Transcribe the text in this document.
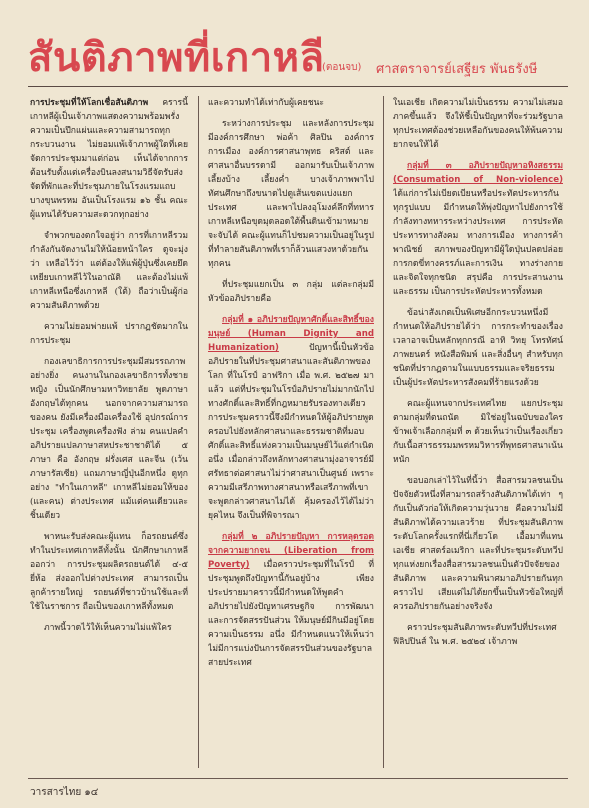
สันติภาพที่เกาหลี
(ตอนจบ) ศาสตราจารย์เสฐียร พันธรังษี

การประชุมที่ให้โลกเชื่อสันติภาพ ครารนี้ เกาหลีผู้เป็นเจ้าภาพแสดงความพร้อมพรั่ง ความเป็นปึกแผ่นและความสามารถทุกกระบวนงาน ไม่ยอมแพ้เจ้าภาพผู้ใดที่เคยจัดการประชุมมาแต่ก่อน เห็นได้จากการต้อนรับตั้งแต่เครื่องบินลงสนามวิธีจัดรับส่ง จัดที่พักและที่ประชุมภายในโรงแรมแถบบางขุนพรหม อันเป็นโรงแรม ๑๖ ชั้น คณะผู้แทนได้รับความสะดวกทุกอย่าง

จำพวกของตกใจอยู่ว่า การที่เกาหลีรวมกำลังกันจัดงานไม่ให้น้อยหน้าใคร ดูจะมุ่งว่า เหลือไว้ว่า แต่ต้องให้แพ้ผู้ปุ่นซึ่งเคยยึดเหยียบเกาหลีไว้ในอาณัติ และต้องไม่แพ้เกาหลีเหนือซึ่งเกาหลี (ใต้) ถือว่าเป็นผู้ก่อความสันติภาพด้วย

ความไม่ยอมพ่ายแพ้ ปรากฏชัดมากในการประชุม

กองเลขาธิการการประชุมมีสมรรถภาพอย่างยิ่ง คนงานในกองเลขาธิการทั้งชายหญิง เป็นนักศึกษามหาวิทยาลัย พูดภาษาอังกฤษได้ทุกคน นอกจากความสามารถของคน ยังมีเครื่องมือเครื่องใช้ อุปกรณ์การประชุม เครื่องพูดเครื่องฟัง ล่าม คนแปลคำอภิปรายแปลภาษาสหประชาชาติได้ ๕ ภาษา คือ อังกฤษ ฝรั่งเศส และจีน (เว้นภาษารัสเซีย) แถมภาษาญี่ปุ่นอีกหนึ่ง ดูทุกอย่าง "ทำในเกาหลี" เกาหลีไม่ยอมให้ของ (และคน) ต่างประเทศ แม้แต่คนเดียวและชิ้นเดียว

พาหนะรับส่งคณะผู้แทน ก็อรถยนต์ซึ่งทำในประเทศเกาหลีทั้งนั้น นักศึกษาเกาหลีออกว่า การประชุมผลิตรถยนต์ได้ ๔-๕ ยี่ห้อ ส่งออกไปต่างประเทศ สามารถเป็นลูกค้ารายใหญ่ รถยนต์ที่ชาวบ้านใช้และที่ใช้ในราชการ ถือเป็นของเกาหลีทั้งหมด

ภาพนี้วาดไว้ให้เห็นความไม่แพ้ใคร

และความทำได้เท่ากับผู้เคยชนะ

ระหว่างการประชุม และหลังการประชุม มีองค์การศึกษา พ่อค้า ศิลปิน องค์การการเมือง องค์การศาสนาพุทธ คริสต์ และศาสนาอื่นบรรดามี ออกมารับเป็นเจ้าภาพเลี้ยงบ้าง เลี้ยงค่ำ บางเจ้าภาพพาไปทัศนศึกษาถึงขนาดไปดูเส้นเขตแบ่งแยกประเทศ และพาไปลงอุโมงค์ลึกที่ทหารเกาหลีเหนือขุดมุดลอดใต้พื้นดินเข้ามาหมายจะจับได้ คณะผู้แทนก็ไปชมความเป็นอยู่ในรูปที่ทำลายสันติภาพที่เราก็ล้วนแสวงหาด้วยกันทุกคน

ที่ประชุมแยกเป็น ๓ กลุ่ม แต่ละกลุ่มมีหัวข้ออภิปรายคือ

กลุ่มที่ ๑ อภิปรายปัญหาศักดิ์และสิทธิ์ของมนุษย์ (Human Dignity and Humanization)	ปัญหานี้เป็นหัวข้ออภิปรายในที่ประชุมศาสนาและสันติภาพของโลก ที่ในโรป์ อาฟริกา เมื่อ พ.ศ. ๒๕๒๗ มาแล้ว แต่ที่ประชุมในโรป์อภิปรายไม่มากนักไปทางศักดิ์และสิทธิ์ที่กฎหมายรับรองทางเดียว การประชุมคราวนี้จึงมีกำหนดให้ผู้อภิปรายพูดครอบไปยังหลักศาสนาและธรรมชาติที่มอบศักดิ์และสิทธิ์แห่งความเป็นมนุษย์ไว้แต่กำเนิด อนึ่ง เมื่อกล่าวถึงหลักทางศาสนามุ่งอาจารย์มีศรัทธาต่อศาสนาไม่ว่าศาสนาเป็นศูนย์ เพราะความมีเสรีภาพทางศาสนาหรือเสรีภาพที่เขาจะพูดกล่าวศาสนาไม่ได้ คุ้มครองไว้ได้ไม่ว่ายุคไหน จึงเป็นที่พิจารณา

กลุ่มที่ ๒ อภิปรายปัญหา การหลุดรอดจากความยากจน (Liberation from Poverty) เมื่อคราวประชุมที่ในโรป์ ที่ประชุมพูดถึงปัญหานี้กันอยู่บ้าง เพียงประปรายมาคราวนี้มีกำหนดให้พูดคำอภิปรายไปยังปัญหาเศรษฐกิจ การพัฒนา และการจัดสรรปันส่วน ให้มนุษย์มีกินมีอยู่โดยความเป็นธรรม อนึ่ง มีกำหนดแนวให้เห็นว่าไม่มีการแบ่งปันการจัดสรรปันส่วนของรัฐบาลสายประเทศ

ในเอเชีย เกิดความไม่เป็นธรรม ความไม่เสมอภาคขึ้นแล้ว จึงให้ชี้เป็นปัญหาที่จะร่วมรัฐบาลทุกประเทศต้องช่วยเหลือกันของคนให้พ้นความยากจนให้ได้

กลุ่มที่ ๓ อภิปรายปัญหาอหิงสธรรม (Consumation of Non-violence) ได้แก่การไม่เบียดเบียนหรือประทัตประหารกันทุกรูปแบบ มีกำหนดให้พุ่งปัญหาไปยังการใช้กำลังทางทหารระหว่างประเทศ การประหัตประหารทางสังคม ทางการเมือง ทางการค้าพาณิชย์ สภาพของปัญหามีผู้ใดปุ่นปลดปล่อย การกดขี่ทางครรภ์และการเงิน ทางร่างกายและจิตใจทุกชนิด สรุปคือ การประสานงานและธรรม เป็นการประหัตประหารทั้งหมด

ข้อน่าสังเกตเป็นพิเศษอีกกระบวนหนึ่งมีกำหนดให้อภิปรายได้ว่า การกระทำของเรื่องเวลาอาจเป็นหลักทุกกรณี อาทิ วิทยุ โทรทัศน์ ภาพยนตร์ หนังสือพิมพ์ และสิ่งอื่นๆ สำหรับทุกชนิดที่ปรากฏตามในแบบธรรมและจริยธรรมเป็นผู้ประหัตประหารสังคมที่ร้ายแรงด้วย

คณะผู้แทนจากประเทศไทย แยกประชุมตามกลุ่มที่ตนถนัด มิใช่อยู่ในฉบับของใคร ข้าพเจ้าเลือกกลุ่มที่ ๓ ด้วยเห็นว่าเป็นเรื่องเกี่ยวกับเนื้อสารธรรมมพรหมวิหารที่พุทธศาสนาเน้นหนัก

ขอบอกเล่าไว้ในที่นี้ว่า สื่อสารมวลชนเป็นปัจจัยตัวหนึ่งที่สามารถสร้างสันติภาพได้เท่า ๆ กับเป็นตัวก่อให้เกิดความวุ่นวาย คือความไม่มีสันติภาพได้ความเลวร้าย ที่ประชุมสันติภาพระดับโลกครั้งแรกที่นี่เกี่ยวโด เอื้อมาที่แทนเอเชีย ศาสตร์อเมริกา และที่ประชุมระดับทวีปทุกแห่งยกเรื่องสื่อสารมวลชนเป็นตัวปัจจัยของสันติภาพ และความพินาศมาอภิปรายกันทุกคราวไป เสียแต่ไม่ได้ยกขึ้นเป็นหัวข้อใหญ่ที่ควรอภิปรายกันอย่างจริงจัง

คราวประชุมสันติภาพระดับทวีปที่ประเทศฟิลิปปินส์ ใน พ.ศ. ๒๕๒๔ เจ้าภาพ

วารสารไทย ๑๔
